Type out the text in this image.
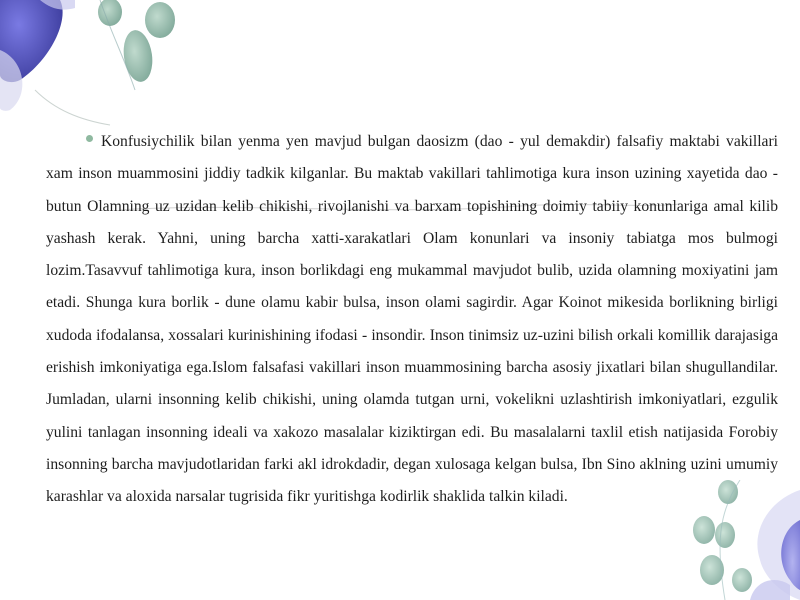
Konfusiychilik bilan yenma yen mavjud bulgan daosizm (dao - yul demakdir) falsafiy maktabi vakillari xam inson muammosini jiddiy tadkik kilganlar. Bu maktab vakillari tahlimotiga kura inson uzining xayetida dao - butun Olamning uz uzidan kelib chikishi, rivojlanishi va barxam topishining doimiy tabiiy konunlariga amal kilib yashash kerak. Yahni, uning barcha xatti-xarakatlari Olam konunlari va insoniy tabiatga mos bulmogi lozim.Tasavvuf tahlimotiga kura, inson borlikdagi eng mukammal mavjudot bulib, uzida olamning moxiyatini jam etadi. Shunga kura borlik - dune olamu kabir bulsa, inson olami sagirdir. Agar Koinot mikesida borlikning birligi xudoda ifodalansa, xossalari kurinishining ifodasi - insondir. Inson tinimsiz uz-uzini bilish orkali komillik darajasiga erishish imkoniyatiga ega.Islom falsafasi vakillari inson muammosining barcha asosiy jixatlari bilan shugullandilar. Jumladan, ularni insonning kelib chikishi, uning olamda tutgan urni, vokelikni uzlashtirish imkoniyatlari, ezgulik yulini tanlagan insonning ideali va xakozo masalalar kiziktirgan edi. Bu masalalarni taxlil etish natijasida Forobiy insonning barcha mavjudotlaridan farki akl idrokdadir, degan xulosaga kelgan bulsa, Ibn Sino aklning uzini umumiy karashlar va aloxida narsalar tugrisida fikr yuritishga kodirlik shaklida talkin kiladi.
